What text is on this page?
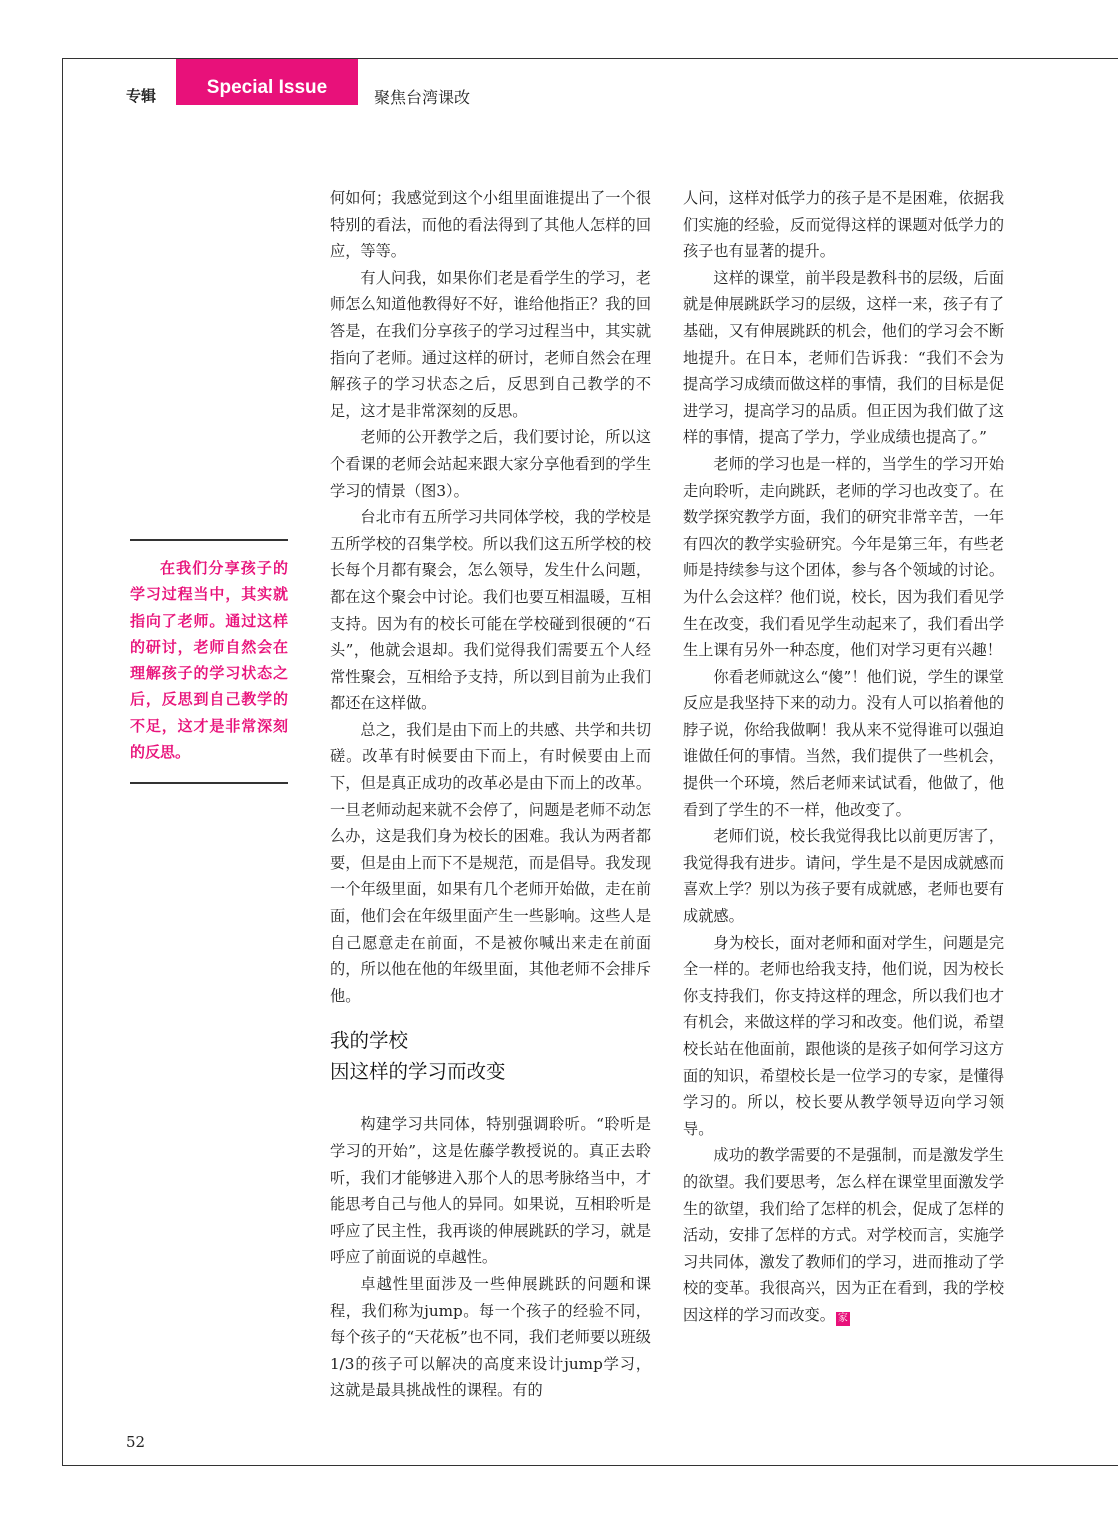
专辑	Special Issue	聚焦台湾课改
在我们分享孩子的学习过程当中，其实就指向了老师。通过这样的研讨，老师自然会在理解孩子的学习状态之后，反思到自己教学的不足，这才是非常深刻的反思。

何如何；我感觉到这个小组里面谁提出了一个很特别的看法，而他的看法得到了其他人怎样的回应，等等。

有人问我，如果你们老是看学生的学习，老师怎么知道他教得好不好，谁给他指正？我的回答是，在我们分享孩子的学习过程当中，其实就指向了老师。通过这样的研讨，老师自然会在理解孩子的学习状态之后，反思到自己教学的不足，这才是非常深刻的反思。

老师的公开教学之后，我们要讨论，所以这个看课的老师会站起来跟大家分享他看到的学生学习的情景（图3）。

台北市有五所学习共同体学校，我的学校是五所学校的召集学校。所以我们这五所学校的校长每个月都有聚会，怎么领导，发生什么问题，都在这个聚会中讨论。我们也要互相温暖，互相支持。因为有的校长可能在学校碰到很硬的“石头”，他就会退却。我们觉得我们需要五个人经常性聚会，互相给予支持，所以到目前为止我们都还在这样做。

总之，我们是由下而上的共感、共学和共切磋。改革有时候要由下而上，有时候要由上而下，但是真正成功的改革必是由下而上的改革。一旦老师动起来就不会停了，问题是老师不动怎么办，这是我们身为校长的困难。我认为两者都要，但是由上而下不是规范，而是倡导。我发现一个年级里面，如果有几个老师开始做，走在前面，他们会在年级里面产生一些影响。这些人是自己愿意走在前面，不是被你喊出来走在前面的，所以他在他的年级里面，其他老师不会排斥他。

我的学校
因这样的学习而改变

构建学习共同体，特别强调聆听。“聆听是学习的开始”，这是佐藤学教授说的。真正去聆听，我们才能够进入那个人的思考脉络当中，才能思考自己与他人的异同。如果说，互相聆听是呼应了民主性，我再谈的伸展跳跃的学习，就是呼应了前面说的卓越性。

卓越性里面涉及一些伸展跳跃的问题和课程，我们称为jump。每一个孩子的经验不同，每个孩子的“天花板”也不同，我们老师要以班级1/3的孩子可以解决的高度来设计jump学习，这就是最具挑战性的课程。有的

人问，这样对低学力的孩子是不是困难，依据我们实施的经验，反而觉得这样的课题对低学力的孩子也有显著的提升。

这样的课堂，前半段是教科书的层级，后面就是伸展跳跃学习的层级，这样一来，孩子有了基础，又有伸展跳跃的机会，他们的学习会不断地提升。在日本，老师们告诉我：“我们不会为提高学习成绩而做这样的事情，我们的目标是促进学习，提高学习的品质。但正因为我们做了这样的事情，提高了学力，学业成绩也提高了。”

老师的学习也是一样的，当学生的学习开始走向聆听，走向跳跃，老师的学习也改变了。在数学探究教学方面，我们的研究非常辛苦，一年有四次的教学实验研究。今年是第三年，有些老师是持续参与这个团体，参与各个领域的讨论。为什么会这样？他们说，校长，因为我们看见学生在改变，我们看见学生动起来了，我们看出学生上课有另外一种态度，他们对学习更有兴趣！

你看老师就这么“傻”！他们说，学生的课堂反应是我坚持下来的动力。没有人可以掐着他的脖子说，你给我做啊！我从来不觉得谁可以强迫谁做任何的事情。当然，我们提供了一些机会，提供一个环境，然后老师来试试看，他做了，他看到了学生的不一样，他改变了。

老师们说，校长我觉得我比以前更厉害了，我觉得我有进步。请问，学生是不是因成就感而喜欢上学？别以为孩子要有成就感，老师也要有成就感。

身为校长，面对老师和面对学生，问题是完全一样的。老师也给我支持，他们说，因为校长你支持我们，你支持这样的理念，所以我们也才有机会，来做这样的学习和改变。他们说，希望校长站在他面前，跟他谈的是孩子如何学习这方面的知识，希望校长是一位学习的专家，是懂得学习的。所以，校长要从教学领导迈向学习领导。

成功的教学需要的不是强制，而是激发学生的欲望。我们要思考，怎么样在课堂里面激发学生的欲望，我们给了怎样的机会，促成了怎样的活动，安排了怎样的方式。对学校而言，实施学习共同体，激发了教师们的学习，进而推动了学校的变革。我很高兴，因为正在看到，我的学校因这样的学习而改变。 家

52
